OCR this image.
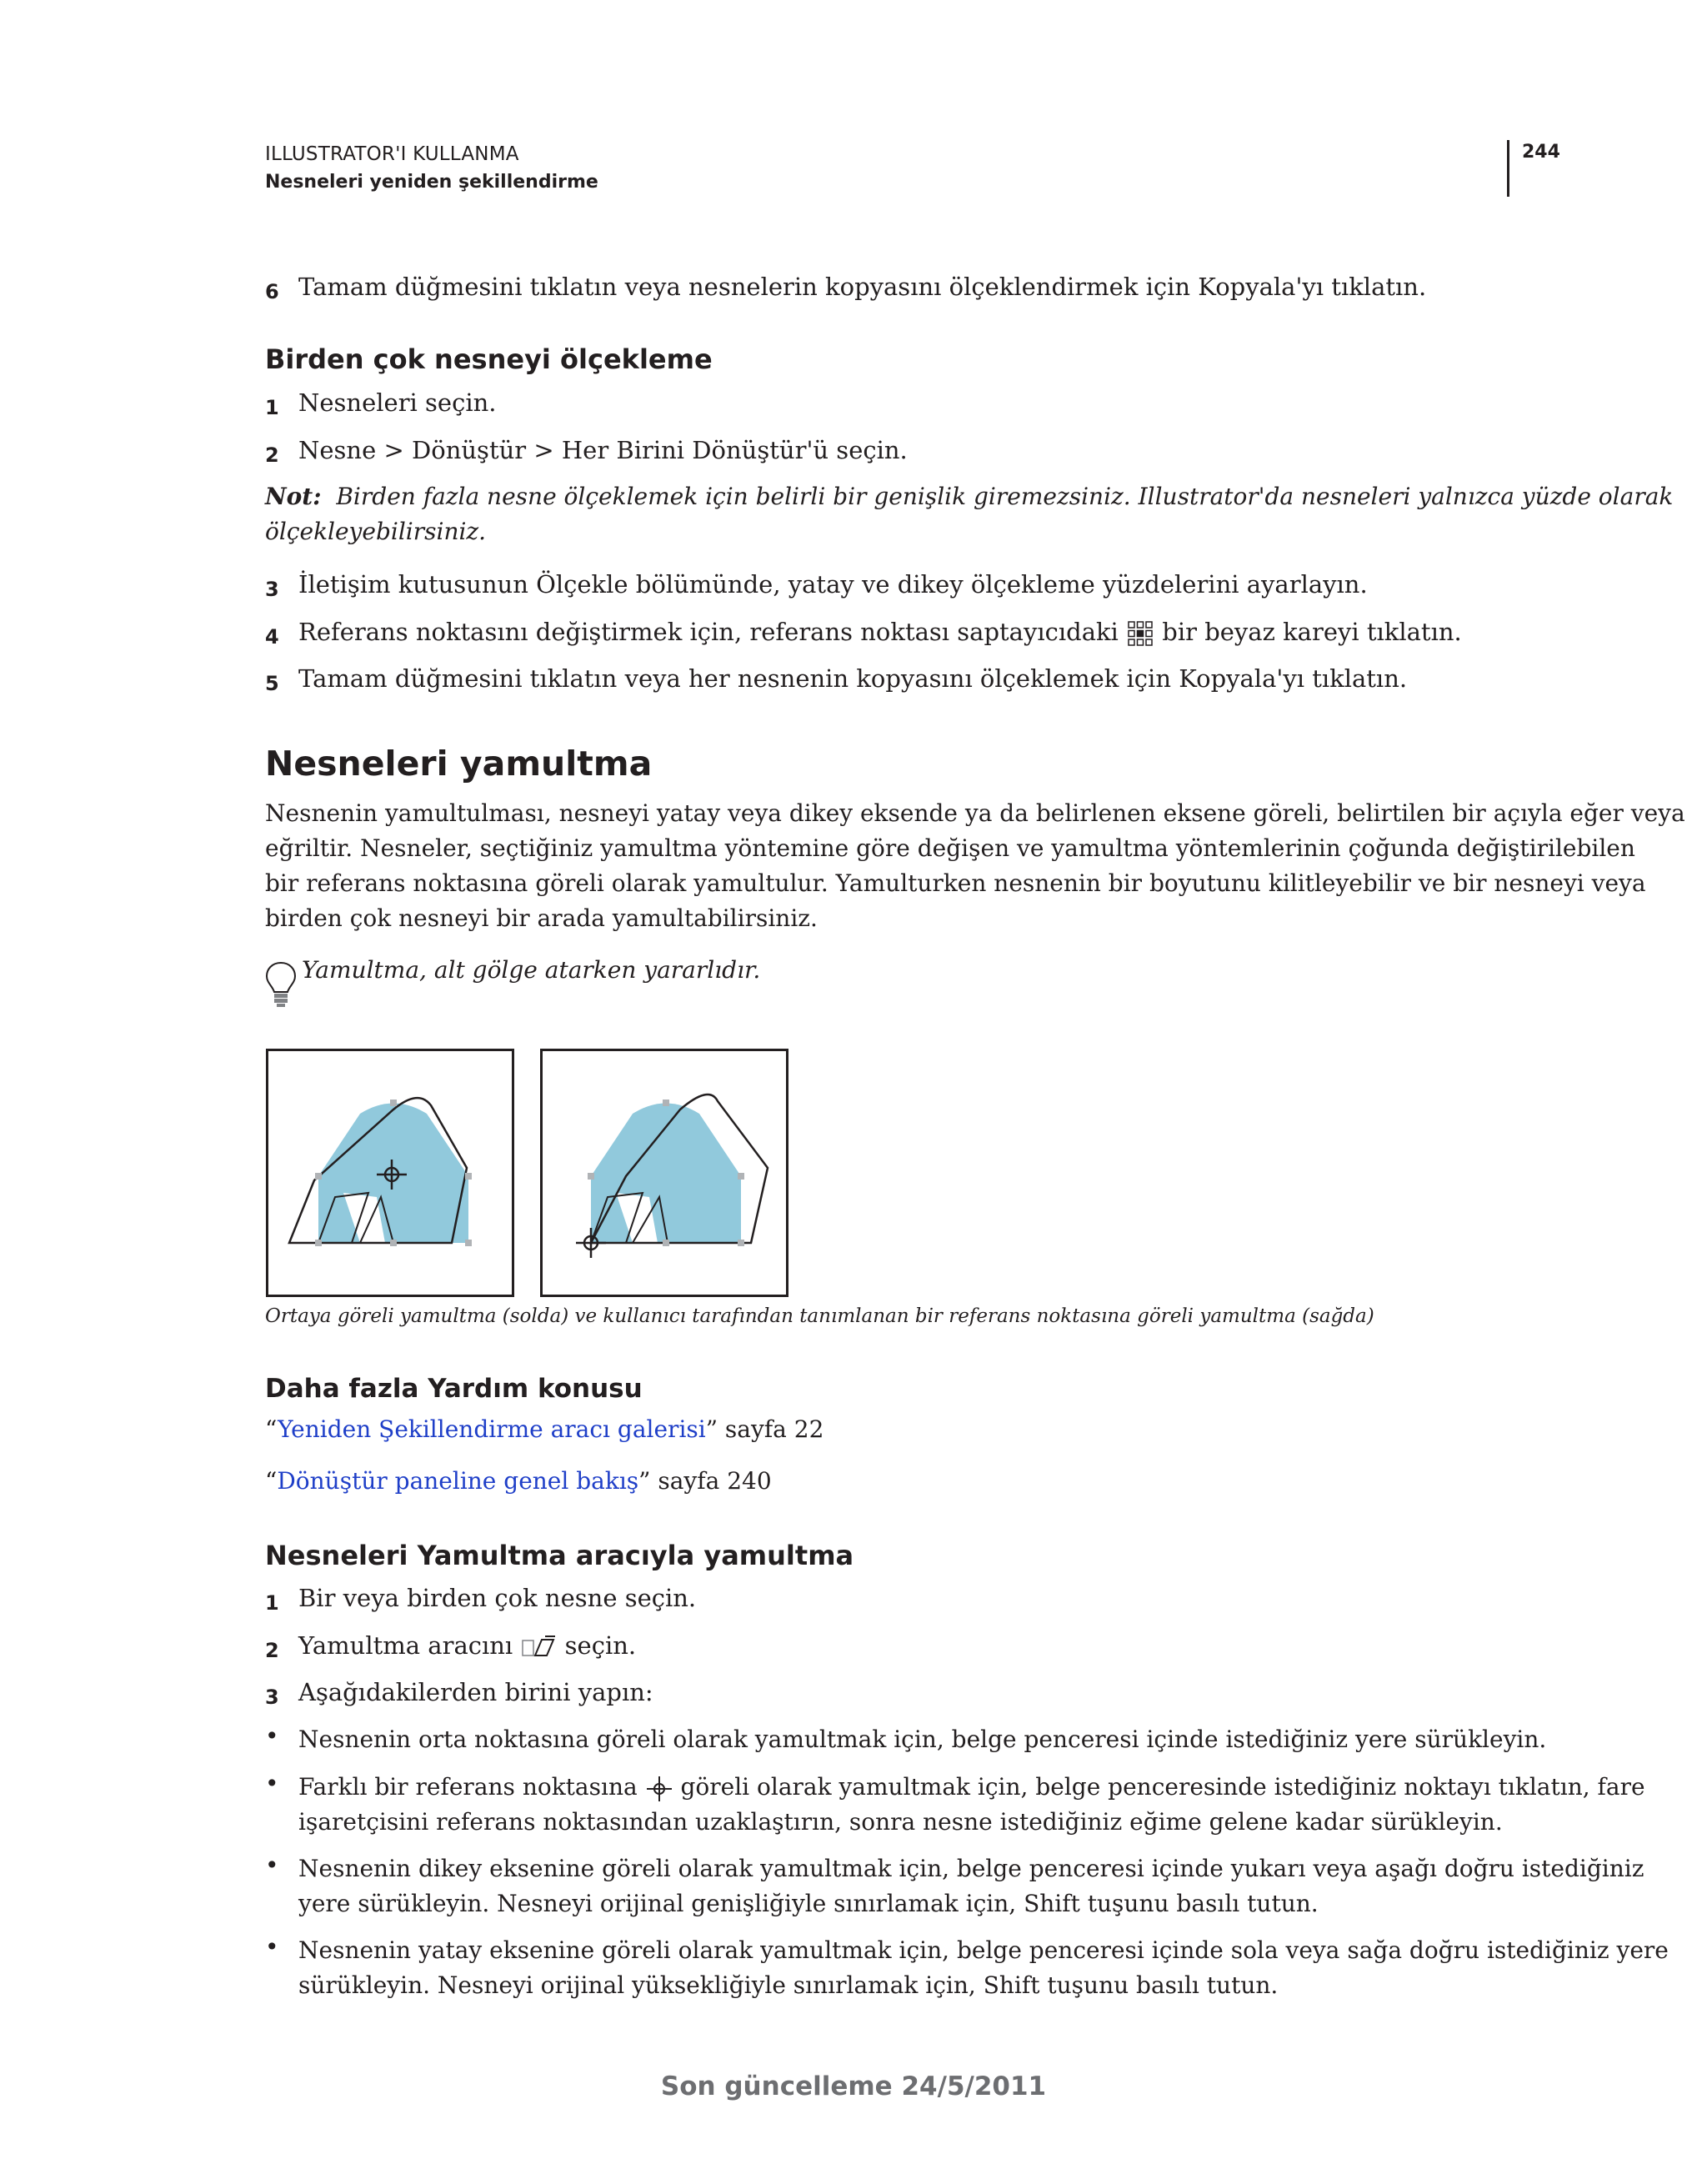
ILLUSTRATOR'I KULLANMA
Nesneleri yeniden şekillendirme
244
6 Tamam düğmesini tıklatın veya nesnelerin kopyasını ölçeklendirmek için Kopyala'yı tıklatın.
Birden çok nesneyi ölçekleme
1 Nesneleri seçin.
2 Nesne > Dönüştür > Her Birini Dönüştür'ü seçin.
Not: Birden fazla nesne ölçeklemek için belirli bir genişlik giremezsiniz. Illustrator'da nesneleri yalnızca yüzde olarak
ölçekleyebilirsiniz.
3 İletişim kutusunun Ölçekle bölümünde, yatay ve dikey ölçekleme yüzdelerini ayarlayın.
4 Referans noktasını değiştirmek için, referans noktası saptayıcıdaki bir beyaz kareyi tıklatın.
5 Tamam düğmesini tıklatın veya her nesnenin kopyasını ölçeklemek için Kopyala'yı tıklatın.
Nesneleri yamultma
Nesnenin yamultulması, nesneyi yatay veya dikey eksende ya da belirlenen eksene göreli, belirtilen bir açıyla eğer veya
eğriltir. Nesneler, seçtiğiniz yamultma yöntemine göre değişen ve yamultma yöntemlerinin çoğunda değiştirilebilen
bir referans noktasına göreli olarak yamultulur. Yamulturken nesnenin bir boyutunu kilitleyebilir ve bir nesneyi veya
birden çok nesneyi bir arada yamultabilirsiniz.
Yamultma, alt gölge atarken yararlıdır.
Ortaya göreli yamultma (solda) ve kullanıcı tarafından tanımlanan bir referans noktasına göreli yamultma (sağda)
Daha fazla Yardım konusu
“Yeniden Şekillendirme aracı galerisi” sayfa 22
“Dönüştür paneline genel bakış” sayfa 240
Nesneleri Yamultma aracıyla yamultma
1 Bir veya birden çok nesne seçin.
2 Yamultma aracını seçin.
3 Aşağıdakilerden birini yapın:
• Nesnenin orta noktasına göreli olarak yamultmak için, belge penceresi içinde istediğiniz yere sürükleyin.
• Farklı bir referans noktasına göreli olarak yamultmak için, belge penceresinde istediğiniz noktayı tıklatın, fare
işaretçisini referans noktasından uzaklaştırın, sonra nesne istediğiniz eğime gelene kadar sürükleyin.
• Nesnenin dikey eksenine göreli olarak yamultmak için, belge penceresi içinde yukarı veya aşağı doğru istediğiniz
yere sürükleyin. Nesneyi orijinal genişliğiyle sınırlamak için, Shift tuşunu basılı tutun.
• Nesnenin yatay eksenine göreli olarak yamultmak için, belge penceresi içinde sola veya sağa doğru istediğiniz yere
sürükleyin. Nesneyi orijinal yüksekliğiyle sınırlamak için, Shift tuşunu basılı tutun.
Son güncelleme 24/5/2011
